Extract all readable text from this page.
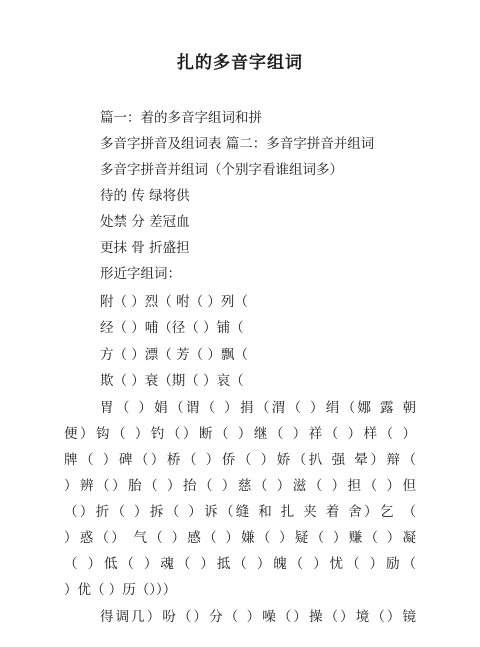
扎的多音字组词
篇一：着的多音字组词和拼
多音字拼音及组词表 篇二：多音字拼音并组词
多音字拼音并组词（个别字看谁组词多）
待的 传 绿将供
处禁 分 差冠血
更抹 骨 折盛担
形近字组词：
附（ ）烈（ 咐（ ）列（
经（ ）哺（径（ ）铺（
方（ ）漂（ 芳（ ）飘（
欺（ ）衰（期（ ）哀（
胃（ ）娟（谓（ ）捐（渭（ ）绢（娜 露 朝
便）钩（ ）钓（）断（ ）继（ ）祥（ ）样（ ）
牌（ ）碑（）桥（ ）侨（ ）娇（扒 强 晕）辩（
）辨（）胎（ ）抬（ ）慈（ ）滋（ ）担（ ）但
（）折（ ）拆（ ）诉（缝 和 扎 夹 着 舍）乞 （
）惑（） 气（ ）感（ ）嫌（ ）疑（ ）赚（ ）凝
（ ）低（ ）魂（ ）抵（ ）魄（ ）忧（ ）励（
）优（ ）历（）））
得调几）吩（）分（ ）噪（）操（）境（）镜
